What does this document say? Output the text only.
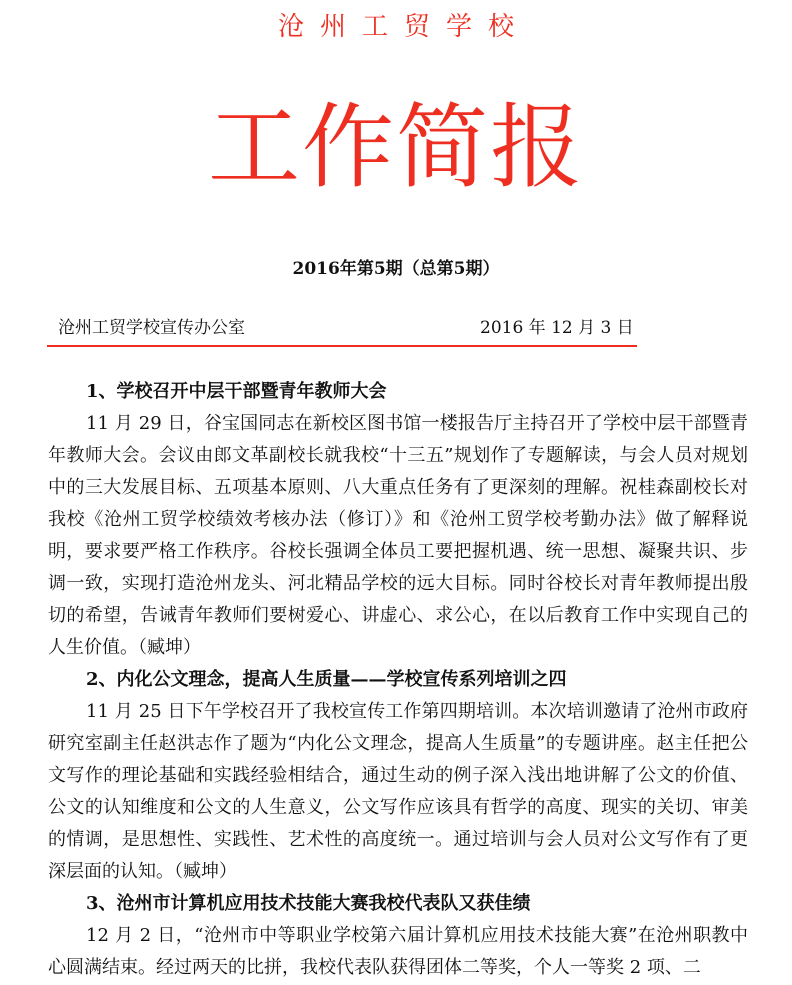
沧州工贸学校
工作简报
2016年第5期（总第5期）
沧州工贸学校宣传办公室	2016 年 12 月 3 日
1、学校召开中层干部暨青年教师大会

11 月 29 日，谷宝国同志在新校区图书馆一楼报告厅主持召开了学校中层干部暨青年教师大会。会议由郎文革副校长就我校“十三五”规划作了专题解读，与会人员对规划中的三大发展目标、五项基本原则、八大重点任务有了更深刻的理解。祝桂森副校长对我校《沧州工贸学校绩效考核办法（修订）》和《沧州工贸学校考勤办法》做了解释说明，要求要严格工作秩序。谷校长强调全体员工要把握机遇、统一思想、凝聚共识、步调一致，实现打造沧州龙头、河北精品学校的远大目标。同时谷校长对青年教师提出殷切的希望，告诫青年教师们要树爱心、讲虚心、求公心，在以后教育工作中实现自己的人生价值。（臧坤）

2、内化公文理念，提高人生质量——学校宣传系列培训之四

11 月 25 日下午学校召开了我校宣传工作第四期培训。本次培训邀请了沧州市政府研究室副主任赵洪志作了题为“内化公文理念，提高人生质量”的专题讲座。赵主任把公文写作的理论基础和实践经验相结合，通过生动的例子深入浅出地讲解了公文的价值、公文的认知维度和公文的人生意义，公文写作应该具有哲学的高度、现实的关切、审美的情调，是思想性、实践性、艺术性的高度统一。通过培训与会人员对公文写作有了更深层面的认知。（臧坤）

3、沧州市计算机应用技术技能大赛我校代表队又获佳绩

12 月 2 日，“沧州市中等职业学校第六届计算机应用技术技能大赛”在沧州职教中心圆满结束。经过两天的比拼，我校代表队获得团体二等奖，个人一等奖 2 项、二
